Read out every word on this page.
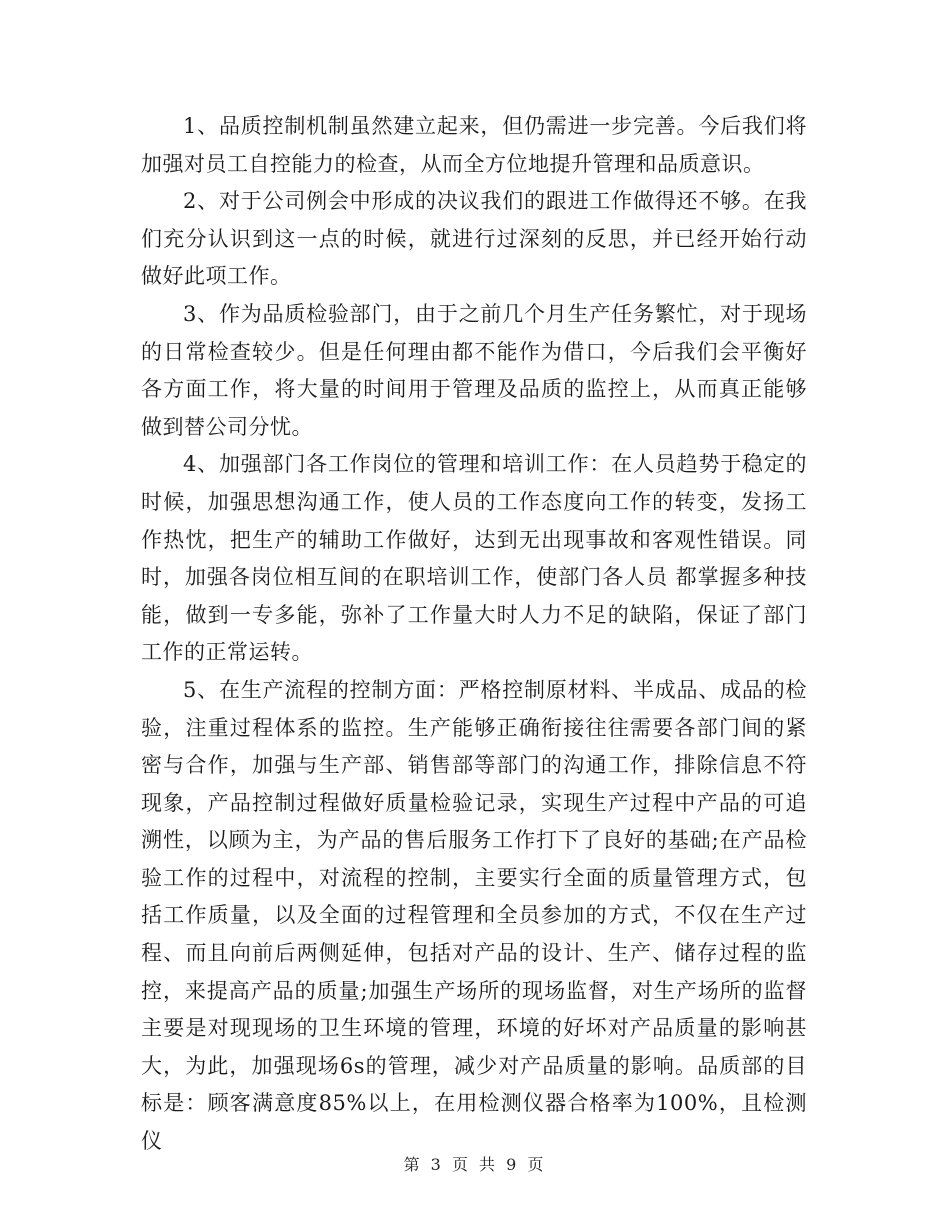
1、品质控制机制虽然建立起来，但仍需进一步完善。今后我们将加强对员工自控能力的检查，从而全方位地提升管理和品质意识。

2、对于公司例会中形成的决议我们的跟进工作做得还不够。在我们充分认识到这一点的时候，就进行过深刻的反思，并已经开始行动做好此项工作。

3、作为品质检验部门，由于之前几个月生产任务繁忙，对于现场的日常检查较少。但是任何理由都不能作为借口，今后我们会平衡好各方面工作，将大量的时间用于管理及品质的监控上，从而真正能够做到替公司分忧。

4、加强部门各工作岗位的管理和培训工作：在人员趋势于稳定的时候，加强思想沟通工作，使人员的工作态度向工作的转变，发扬工作热忱，把生产的辅助工作做好，达到无出现事故和客观性错误。同时，加强各岗位相互间的在职培训工作，使部门各人员 都掌握多种技能，做到一专多能，弥补了工作量大时人力不足的缺陷，保证了部门工作的正常运转。

5、在生产流程的控制方面：严格控制原材料、半成品、成品的检验，注重过程体系的监控。生产能够正确衔接往往需要各部门间的紧密与合作，加强与生产部、销售部等部门的沟通工作，排除信息不符现象，产品控制过程做好质量检验记录，实现生产过程中产品的可追溯性，以顾为主，为产品的售后服务工作打下了良好的基础;在产品检验工作的过程中，对流程的控制，主要实行全面的质量管理方式，包括工作质量，以及全面的过程管理和全员参加的方式，不仅在生产过程、而且向前后两侧延伸，包括对产品的设计、生产、储存过程的监控，来提高产品的质量;加强生产场所的现场监督，对生产场所的监督主要是对现现场的卫生环境的管理，环境的好坏对产品质量的影响甚大，为此，加强现场6s的管理，减少对产品质量的影响。品质部的目标是：顾客满意度85%以上，在用检测仪器合格率为100%，且检测仪

第 3 页 共 9 页
